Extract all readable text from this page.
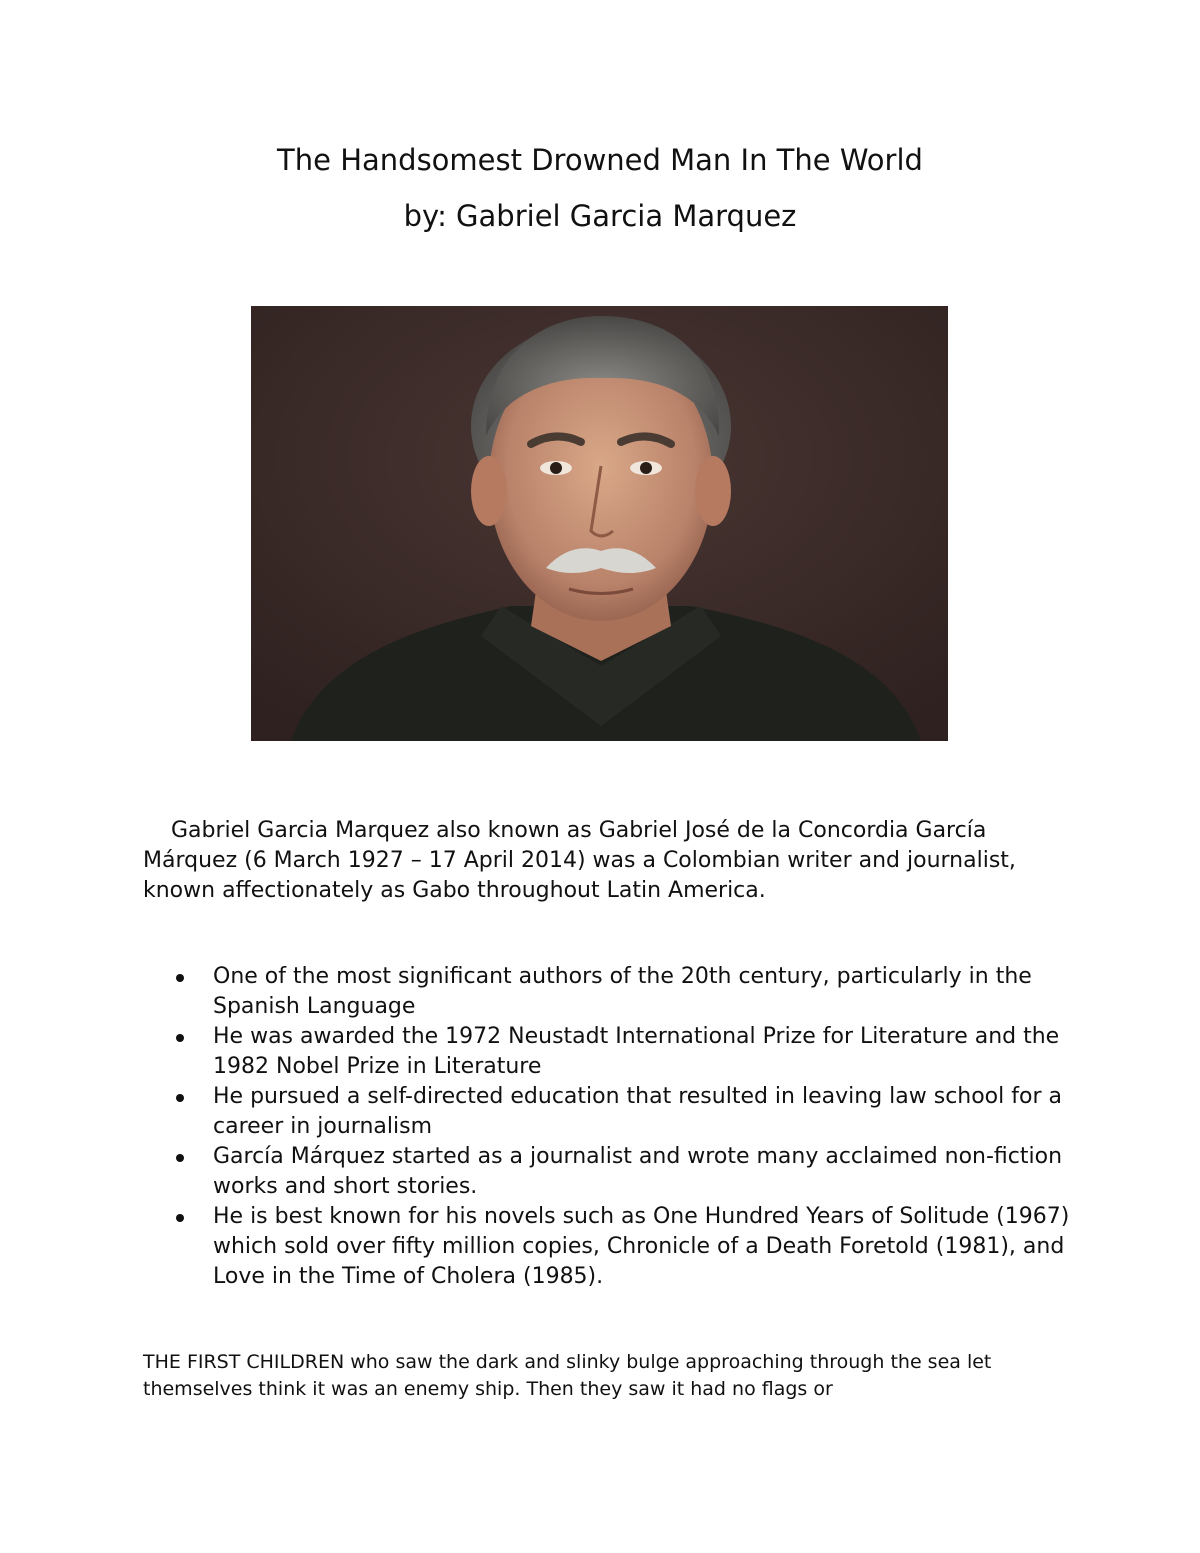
The Handsomest Drowned Man In The World
by: Gabriel Garcia Marquez

Gabriel Garcia Marquez also known as Gabriel José de la Concordia García Márquez (6 March 1927 – 17 April 2014) was a Colombian writer and journalist, known affectionately as Gabo throughout Latin America.

One of the most significant authors of the 20th century, particularly in the Spanish Language
He was awarded the 1972 Neustadt International Prize for Literature and the 1982 Nobel Prize in Literature
He pursued a self-directed education that resulted in leaving law school for a career in journalism
García Márquez started as a journalist and wrote many acclaimed non-fiction works and short stories.
He is best known for his novels such as One Hundred Years of Solitude (1967) which sold over fifty million copies, Chronicle of a Death Foretold (1981), and Love in the Time of Cholera (1985).

THE FIRST CHILDREN who saw the dark and slinky bulge approaching through the sea let themselves think it was an enemy ship. Then they saw it had no flags or
